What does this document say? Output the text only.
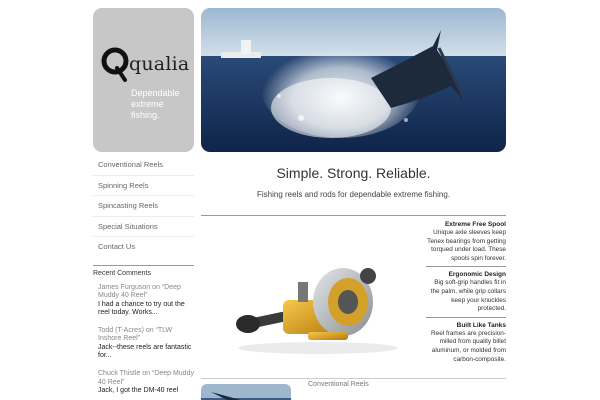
qualia
Dependable extreme fishing.
Conventional Reels
Spinning Reels
Spincasting Reels
Special Situations
Contact Us
Recent Comments
James Furguson on “Deep Muddy 40 Reel”
I had a chance to try out the reel today. Works...
Todd (T-Acres) on “TLW Inshore Reel”
Jack--these reels are fantastic for...
Chuck Thistle on “Deep Muddy 40 Reel”
Jack, I got the DM-40 reel
Simple. Strong. Reliable.
Fishing reels and rods for dependable extreme fishing.
Extreme Free Spool
Unique axle sleeves keep Tenex bearings from getting torqued under load. These spools spin forever.
Ergonomic Design
Big soft-grip handles fit in the palm, while grip collars keep your knuckles protected.
Built Like Tanks
Reel frames are precision-milled from quality billet aluminum, or molded from carbon-composite.
Conventional Reels
